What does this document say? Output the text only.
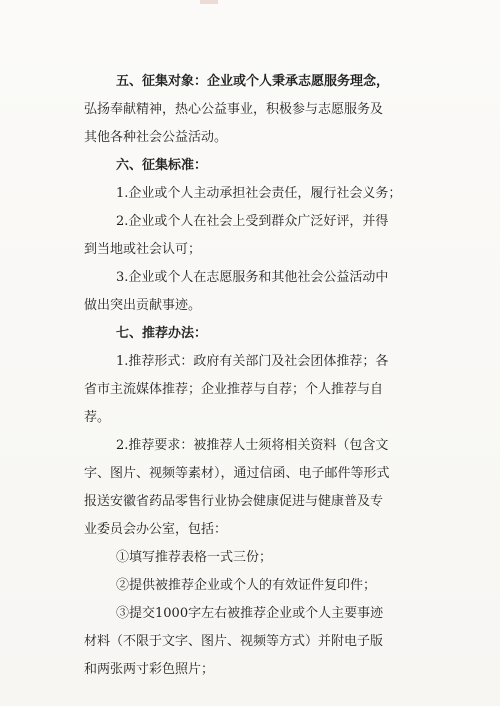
五、征集对象：企业或个人秉承志愿服务理念，
弘扬奉献精神，热心公益事业，积极参与志愿服务及
其他各种社会公益活动。
六、征集标准：
1.企业或个人主动承担社会责任，履行社会义务；
2.企业或个人在社会上受到群众广泛好评，并得
到当地或社会认可；
3.企业或个人在志愿服务和其他社会公益活动中
做出突出贡献事迹。
七、推荐办法：
1.推荐形式：政府有关部门及社会团体推荐；各
省市主流媒体推荐；企业推荐与自荐；个人推荐与自
荐。
2.推荐要求：被推荐人士须将相关资料（包含文
字、图片、视频等素材），通过信函、电子邮件等形式
报送安徽省药品零售行业协会健康促进与健康普及专
业委员会办公室，包括：
①填写推荐表格一式三份；
②提供被推荐企业或个人的有效证件复印件；
③提交1000字左右被推荐企业或个人主要事迹
材料（不限于文字、图片、视频等方式）并附电子版
和两张两寸彩色照片；
